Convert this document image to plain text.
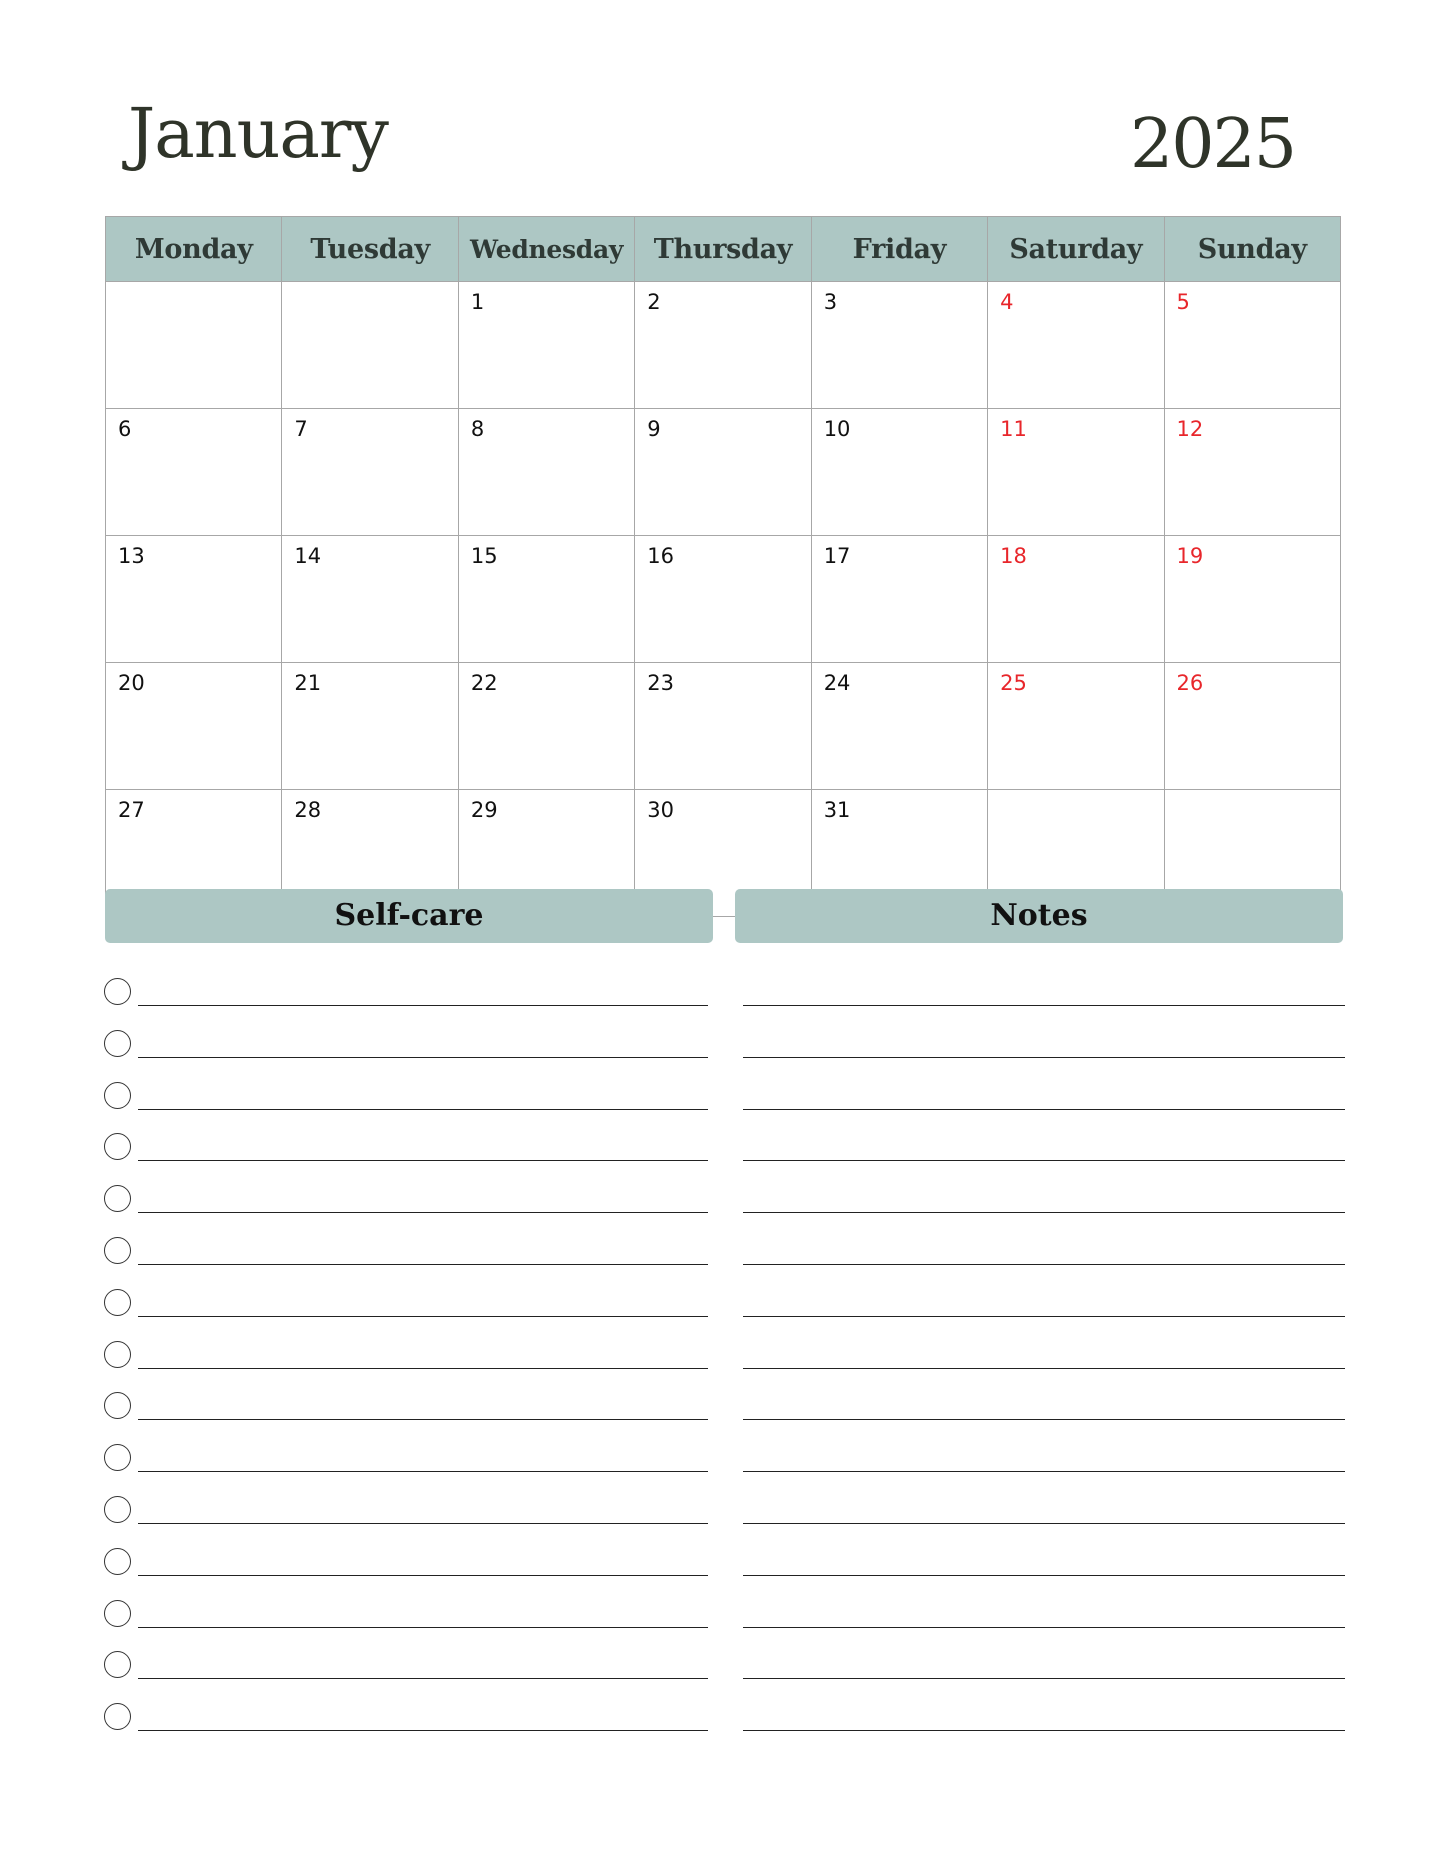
January	2025
Monday	Tuesday	Wednesday	Thursday	Friday	Saturday	Sunday
		1	2	3	4	5
6	7	8	9	10	11	12
13	14	15	16	17	18	19
20	21	22	23	24	25	26
27	28	29	30	31		
Self-care	Notes
